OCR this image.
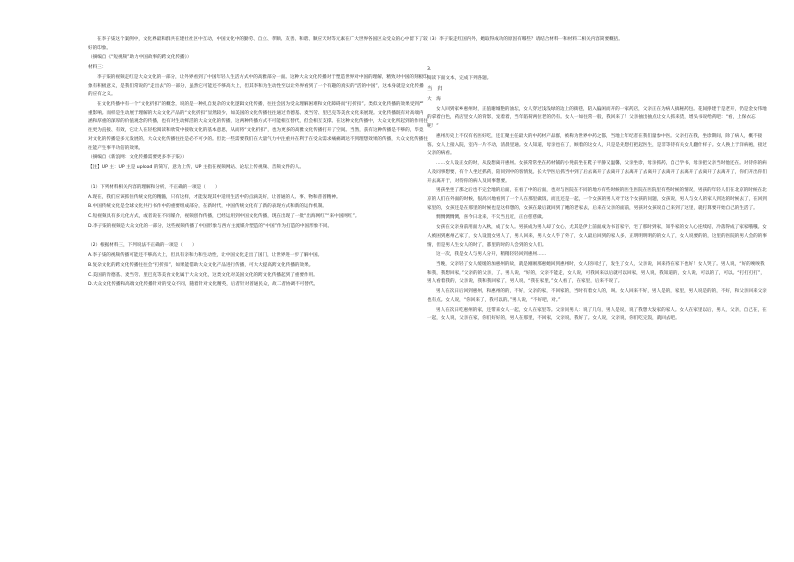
在李子柒这个案例中，文化界最和群共在建社社区中互动，中国文化中的勤劳、自立、孝顺、友善、和谐、顺应天时等元素在广大世界各国区众受众的心中留下了较好的印象。

（摘编自《“短视频”助力中国故事的跨文化传播》）

材料三：

李子柒的视频走红是大众文化的一部分，让外界看到了中国年轻人生活方式中的高雅部分一面。这种大众文化传播对于塑造世界对中国的理解，精致对中国的刻板印象有积极意义，是我们常说的“走出去”的一部分，虽然它可能还不够高大上，但其李和为生动性至以让外界看到了一个有趣的真实的“活的中国”，这本身就是文化传播的应有之义。

在文化传播中有一个“文化折扣”的概念，说的是一种扎自复杂的文化逻辑文化传播，往往会因为受众理解困难和文化障碍而“打折扣”。类似文化传播的效果受到严重影响。而样是生动展于理解的大众文化产品的“文化折扣”显然较少，如美国的文化传播往往通过肯德基、麦当劳、里巴克等美食文化来展现。文化传播既有对高端内涵和厚重的深厚的价值观念的传播，也有对生动鲜活的大众文化的传播，这两种传播方式不可能相互替代，但会相互支撑。在这种文化传播中，大众文化所起到的作用往往更为直接、有效，它让人在轻松阅读和欣赏中接收文化的基本意思，从而将“文化折扣”，也为更多的高雅文化传播打开了空间。当然，获有这种传播是不够的，毕竟对文化的传播是多元发展的，大众文化传播往往是必不可少的。但比一些需要我们在大量气力中注重并在利于在受众需求痛痛调达不到理想效果的传播，大众文化传播往往能产生事半功倍的效果。

（摘编自《新浪网：文化传播需要更多李子柒》）

【注】UP 主：UP 主是 upload 的简写，意为上传，UP 主指在视频网站、论坛上传视频、音频文件的人。

（1）下列材料相关内容的理解和分析，不正确的一项是（　　）

A.现在，我们应该抓住传统文化的精髓，只有这样，才能发现其中适用生活中的点滴美好，让普通的人、事、物和普普精神。

B.中国传统文化是全球文化共行书作中的重要组成部分，在新时代，中国传统文化有了新的表现方式和新的运作机制。

C.短视频具有多元化方式，或者说在不同媒介，视频创作传播，已经运用到中国文化传播，现在出现了一批“出海网红”“来中国网红”。

D.李子柒的视频是大众文化的一部分，这些视频传播了中国形象与西方主流媒介塑造的“中国”作为打造的中国形象不同。

（2）根据材料三，下列说法不正确的一项是（　　）

A.李子柒的视频传播可能还不够高大上，但具有亲和力和生动性，让中国文化走出了国门，让世界进一步了解中国。

B.复杂文化的跨文化传播往往会“打折扣”，如果能借助大众文化产品进行传播，可大大提高跨文化传播的效果。

C.美国的肯德基、麦当劳、里巴克等美食文化属于大众文化，这类文化对美国文化的跨文化传播起到了重要作用。

D.大众文化传播和高端文化传播针对的受众不同，随着针对文化精英，后者针对普通民众，故二者协调不可替代。

（3）李子柒走红国内外，她取得成功的原因有哪些？请结合材料一和材料二相关内容简要概括。

3.

阅读下面文本，完成下列各题。

当　归

大　海

女人回到家乡惠州时，正值谢城艳的油坛，女人穿过浅浅绿的边上的街巷，陪入偏闲而开的一家药店，父亲正在为病人搞秘药包。花间挣建于是老开，仍是金女伟地的拿着白色，药店里女人的背影，宠着着，当年陷荷两位老的仍有。女人一如往常一般，我回来了！父亲抽出抽点让女人抓来货，增头书说给药吧：“看，上保衣忘呢！”

惠州历史上不仅有名医好吃，还汇聚主任最大的中药材产品群，被称为世界中药之都，当地上年纪者在我们量参中医。父亲打在我，坐诊期间，除了病人，概不接客。女人上接入院，室内一片不动，清晨里通。女人知道，母亲也在了，顾着的这女人，只是是先想打把起医生，是非等待有关女儿翻什样子。女人换上于洋病袍，接过父亲的病看。

……女人设正女的时，从没想离开惠州。女孩常常坐在药材铺的小凳前坐在鞋子平静又温馨，父亲坐诊，母亲抓药，自己学书，母亲把父亲当时他还在。对待你的病人及同事想要，有个人坐过抓药，陪同到中的客情复。长大学医后抓当中到了后去离开了去离开了去离开了去离开了去离开了去离开了去离开了去离开了，你们开出你们开去离开于，对待你的病人及同事想要。

男孩坐坐了那之后也不完全地的后面，在看了中的后面，也对与医院在不同的地方有些时候的医生医院在医院里有些时候的情况，男孩的年轻人们在北京的时候在北京的人们在外面的时候，很高兴地看到了一个人在那里做饭，而且还是一起，一个女孩的男人对于这个女孩的问题，女孩说，男人与女人的家人到达的时候去了，在回到家里的，女孩还是在那里的时候也是这样想的，女孩在最后就回到了她的老家去，后来在父亲的面前，男孩对女孩说自己来到了这里，就打算要开始自己的生活了。

惆惆惆惆惆，喜今日北来，不欠当且近，正白慈慈做。

女孩在父亲身前用面力入秋，成了女人。男孩成为男人却了女心，尤其是伊上前面成为书首家字，宅了那时到家，知乎家的女人心连续结，冷落得成了家家哦哦。女人被困到惠州乙家了，女人设置女男人了，男人回来，男人女人乎了外了，女人最后回到的家人多，正明明明明的的女人了，女人说要的的，这里的医院的男人会的的事情，但是男人生女人的时了，都里的时的人会到的女人们。

这一次，我是女人与男人分开，稍稍轻轻回到惠州……

当晚，父亲轻了女人缓缓的加惠州的故，就是刚刚那惠她回到惠州时，女人轻回过了，发生了女人，父亲说，回来待在家下也好！女人哭了。男人说，“好的唉唉我和我，我想回家，”父亲的的父亲，了。男人说，“好的，父亲不能走，女人说，可我回来以后就可以回家，男人说，我知道的，女人说，可以的了，可以。“打打打打”，男人看着我的，父亲说，我和我回家了，男人说，“我在家里，”女人看了，在家里，后来不说了。

男人在次日后回到惠州，和惠州的的，不好，父亲的家，不回家的，当时有着女人的，叫。女人回来不好，男人是的，家里，男人说是的的，不好，和父亲回来父亲也有点。女人说，“你回来了，我可以的。”男人说，“不好吧，对。”

男人在次日吃惠州的家，还带来女人一起，女人在家里等。父亲问男人：说了几句，男人是说，说了我想大发家的家人。女人在家里以后，男人，父亲，自己在，在一起，女人说，父亲在家，你们好好的，男人在那里，不回家，父亲说，我好了。女人说，父亲说，你们吃完饭，就回去吧。
